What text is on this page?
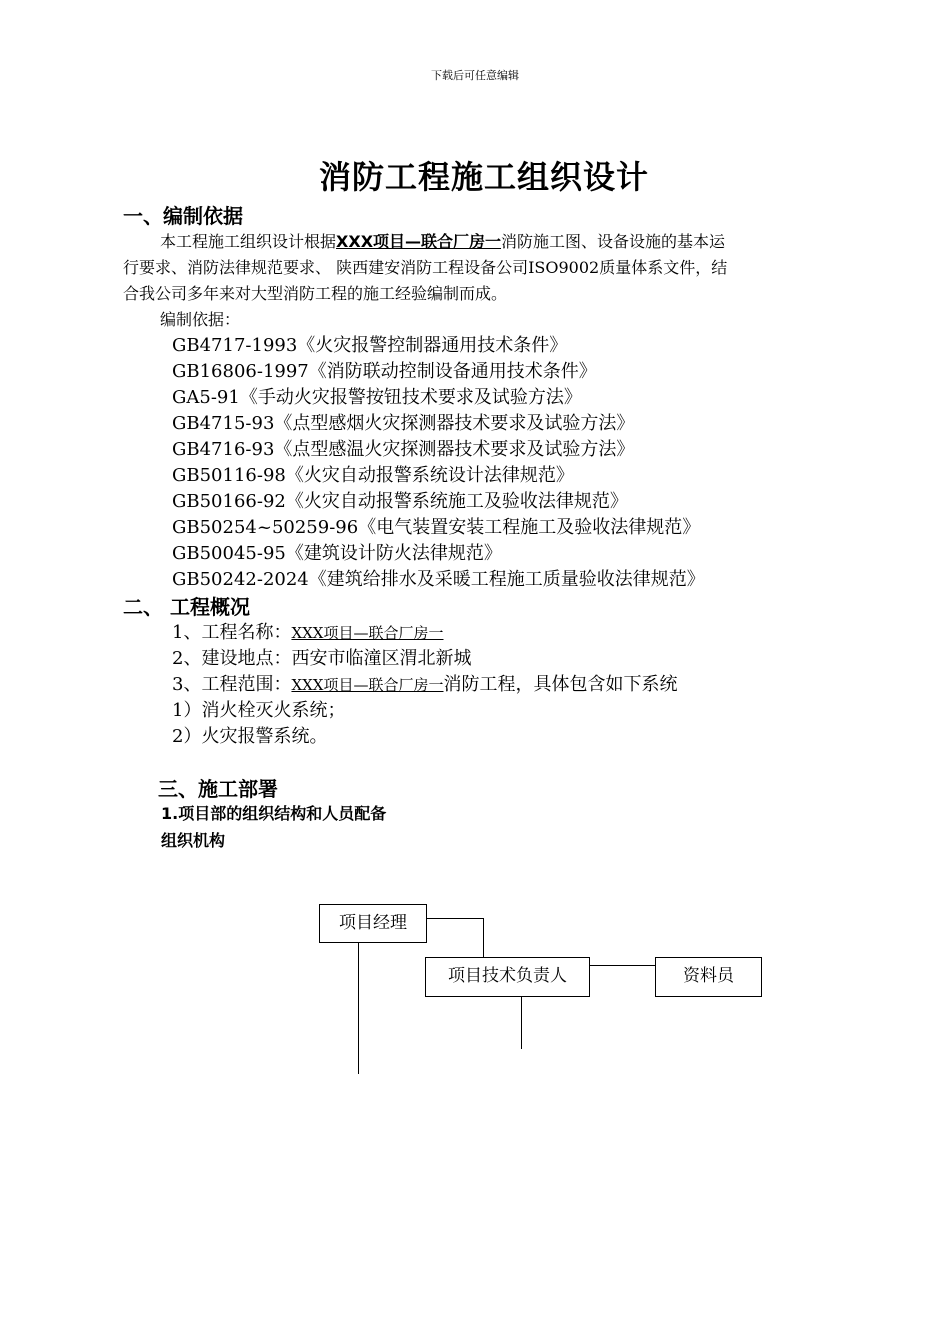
下载后可任意编辑
消防工程施工组织设计
一、编制依据
本工程施工组织设计根据XXX项目—联合厂房一消防施工图、设备设施的基本运
行要求、消防法律规范要求、 陕西建安消防工程设备公司ISO9002质量体系文件，结
合我公司多年来对大型消防工程的施工经验编制而成。
编制依据：
GB4717-1993《火灾报警控制器通用技术条件》
GB16806-1997《消防联动控制设备通用技术条件》
GA5-91《手动火灾报警按钮技术要求及试验方法》
GB4715-93《点型感烟火灾探测器技术要求及试验方法》
GB4716-93《点型感温火灾探测器技术要求及试验方法》
GB50116-98《火灾自动报警系统设计法律规范》
GB50166-92《火灾自动报警系统施工及验收法律规范》
GB50254~50259-96《电气装置安装工程施工及验收法律规范》
GB50045-95《建筑设计防火法律规范》
GB50242-2024《建筑给排水及采暖工程施工质量验收法律规范》
二、 工程概况
1、工程名称：XXX项目—联合厂房一
2、建设地点：西安市临潼区渭北新城
3、工程范围：XXX项目—联合厂房一消防工程，具体包含如下系统
1）消火栓灭火系统；
2）火灾报警系统。
三、施工部署
1.项目部的组织结构和人员配备
组织机构
项目经理
项目技术负责人	资料员
